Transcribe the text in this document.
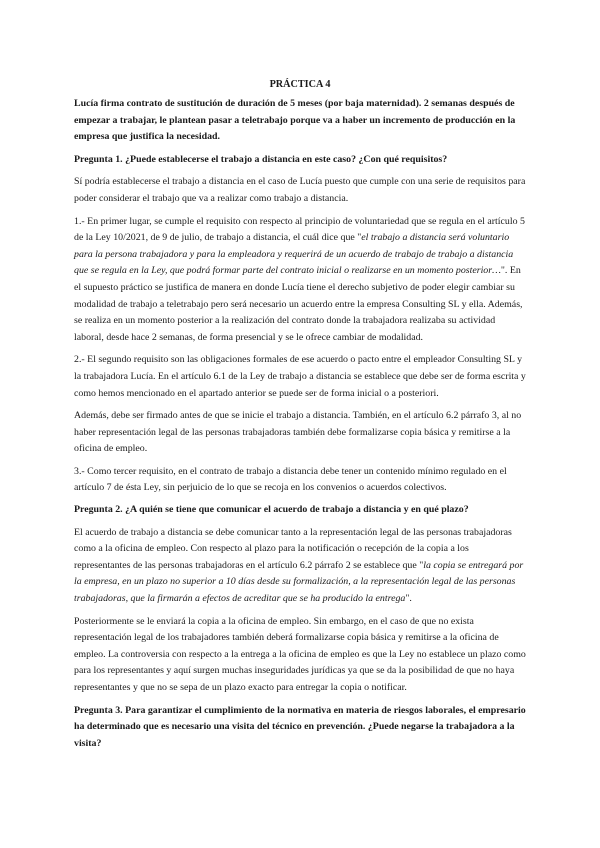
PRÁCTICA 4

Lucía firma contrato de sustitución de duración de 5 meses (por baja maternidad). 2 semanas después de empezar a trabajar, le plantean pasar a teletrabajo porque va a haber un incremento de producción en la empresa que justifica la necesidad.

Pregunta 1. ¿Puede establecerse el trabajo a distancia en este caso? ¿Con qué requisitos?

Sí podría establecerse el trabajo a distancia en el caso de Lucía puesto que cumple con una serie de requisitos para poder considerar el trabajo que va a realizar como trabajo a distancia.

1.- En primer lugar, se cumple el requisito con respecto al principio de voluntariedad que se regula en el artículo 5 de la Ley 10/2021, de 9 de julio, de trabajo a distancia, el cuál dice que "el trabajo a distancia será voluntario para la persona trabajadora y para la empleadora y requerirá de un acuerdo de trabajo de trabajo a distancia que se regula en la Ley, que podrá formar parte del contrato inicial o realizarse en un momento posterior…". En el supuesto práctico se justifica de manera en donde Lucía tiene el derecho subjetivo de poder elegir cambiar su modalidad de trabajo a teletrabajo pero será necesario un acuerdo entre la empresa Consulting SL y ella. Además, se realiza en un momento posterior a la realización del contrato donde la trabajadora realizaba su actividad laboral, desde hace 2 semanas, de forma presencial y se le ofrece cambiar de modalidad.

2.- El segundo requisito son las obligaciones formales de ese acuerdo o pacto entre el empleador Consulting SL y la trabajadora Lucía. En el artículo 6.1 de la Ley de trabajo a distancia se establece que debe ser de forma escrita y como hemos mencionado en el apartado anterior se puede ser de forma inicial o a posteriori.

Además, debe ser firmado antes de que se inicie el trabajo a distancia. También, en el artículo 6.2 párrafo 3, al no haber representación legal de las personas trabajadoras también debe formalizarse copia básica y remitirse a la oficina de empleo.

3.- Como tercer requisito, en el contrato de trabajo a distancia debe tener un contenido mínimo regulado en el artículo 7 de ésta Ley, sin perjuicio de lo que se recoja en los convenios o acuerdos colectivos.

Pregunta 2. ¿A quién se tiene que comunicar el acuerdo de trabajo a distancia y en qué plazo?

El acuerdo de trabajo a distancia se debe comunicar tanto a la representación legal de las personas trabajadoras como a la oficina de empleo. Con respecto al plazo para la notificación o recepción de la copia a los representantes de las personas trabajadoras en el artículo 6.2 párrafo 2 se establece que "la copia se entregará por la empresa, en un plazo no superior a 10 días desde su formalización, a la representación legal de las personas trabajadoras, que la firmarán a efectos de acreditar que se ha producido la entrega".

Posteriormente se le enviará la copia a la oficina de empleo. Sin embargo, en el caso de que no exista representación legal de los trabajadores también deberá formalizarse copia básica y remitirse a la oficina de empleo. La controversia con respecto a la entrega a la oficina de empleo es que la Ley no establece un plazo como para los representantes y aquí surgen muchas inseguridades jurídicas ya que se da la posibilidad de que no haya representantes y que no se sepa de un plazo exacto para entregar la copia o notificar.

Pregunta 3. Para garantizar el cumplimiento de la normativa en materia de riesgos laborales, el empresario ha determinado que es necesario una visita del técnico en prevención. ¿Puede negarse la trabajadora a la visita?
